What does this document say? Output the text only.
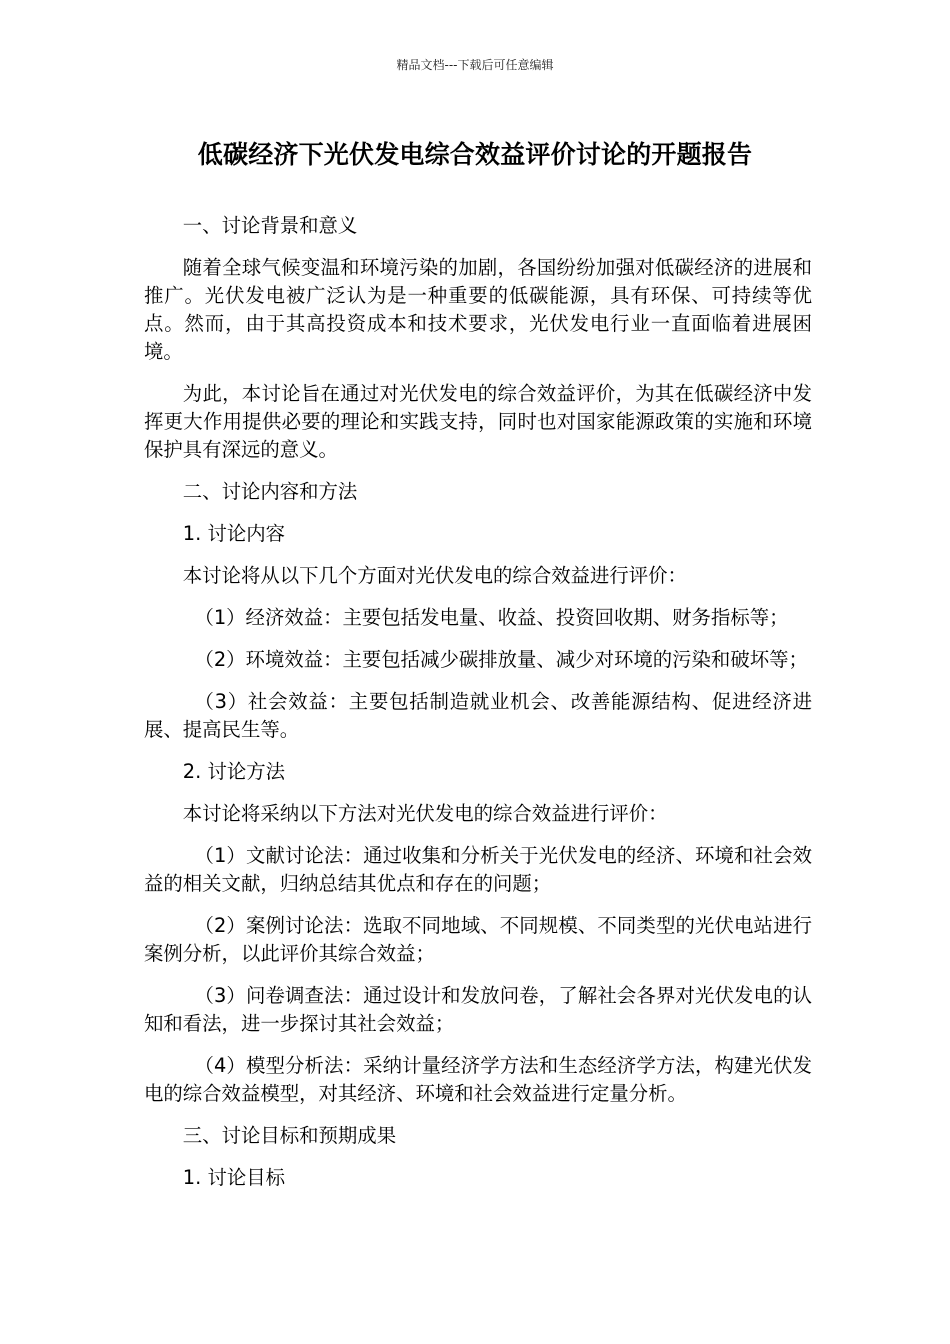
精品文档---下载后可任意编辑
低碳经济下光伏发电综合效益评价讨论的开题报告

一、讨论背景和意义

随着全球气候变温和环境污染的加剧，各国纷纷加强对低碳经济的进展和推广。光伏发电被广泛认为是一种重要的低碳能源，具有环保、可持续等优点。然而，由于其高投资成本和技术要求，光伏发电行业一直面临着进展困境。

为此，本讨论旨在通过对光伏发电的综合效益评价，为其在低碳经济中发挥更大作用提供必要的理论和实践支持，同时也对国家能源政策的实施和环境保护具有深远的意义。

二、讨论内容和方法

1. 讨论内容

本讨论将从以下几个方面对光伏发电的综合效益进行评价：

（1）经济效益：主要包括发电量、收益、投资回收期、财务指标等；

（2）环境效益：主要包括减少碳排放量、减少对环境的污染和破坏等；

（3）社会效益：主要包括制造就业机会、改善能源结构、促进经济进展、提高民生等。

2. 讨论方法

本讨论将采纳以下方法对光伏发电的综合效益进行评价：

（1）文献讨论法：通过收集和分析关于光伏发电的经济、环境和社会效益的相关文献，归纳总结其优点和存在的问题；

（2）案例讨论法：选取不同地域、不同规模、不同类型的光伏电站进行案例分析，以此评价其综合效益；

（3）问卷调查法：通过设计和发放问卷，了解社会各界对光伏发电的认知和看法，进一步探讨其社会效益；

（4）模型分析法：采纳计量经济学方法和生态经济学方法，构建光伏发电的综合效益模型，对其经济、环境和社会效益进行定量分析。

三、讨论目标和预期成果

1. 讨论目标
